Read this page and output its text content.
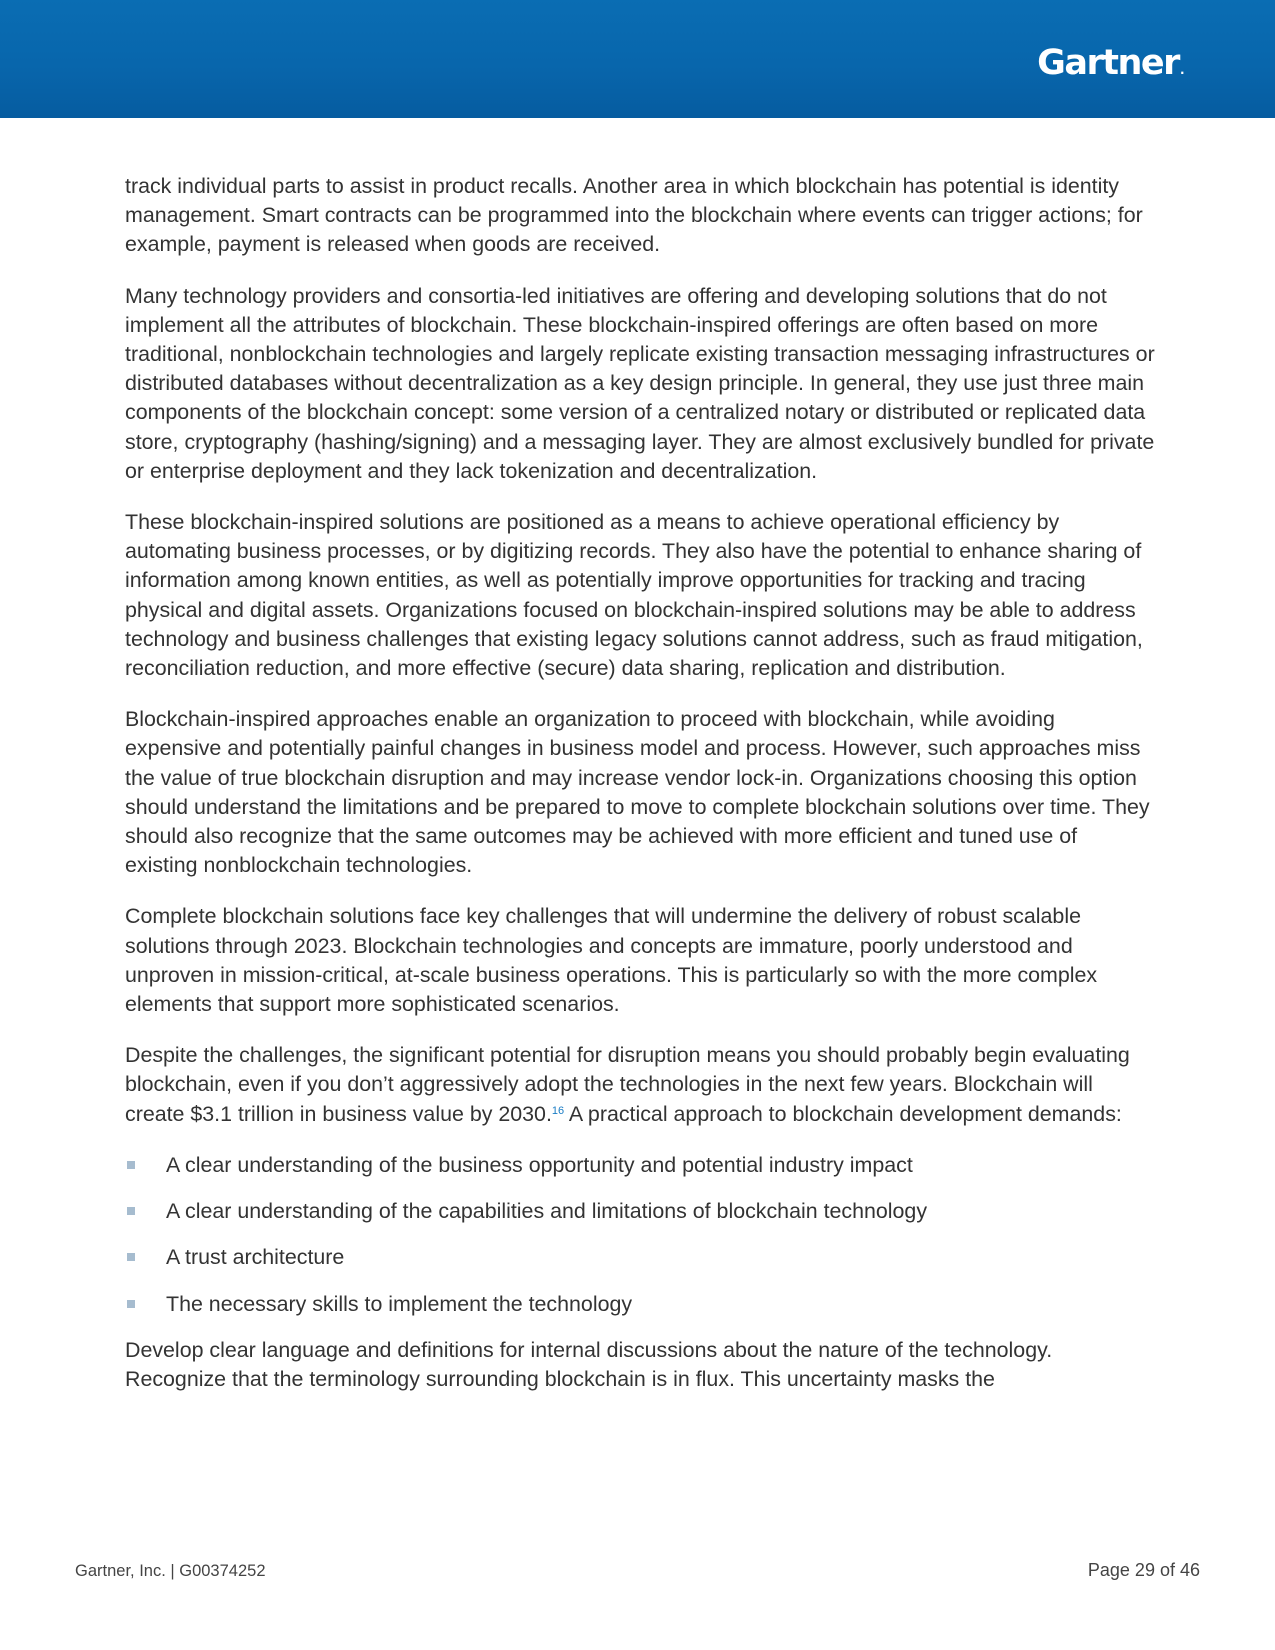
Gartner.

track individual parts to assist in product recalls. Another area in which blockchain has potential is identity management. Smart contracts can be programmed into the blockchain where events can trigger actions; for example, payment is released when goods are received.

Many technology providers and consortia-led initiatives are offering and developing solutions that do not implement all the attributes of blockchain. These blockchain-inspired offerings are often based on more traditional, nonblockchain technologies and largely replicate existing transaction messaging infrastructures or distributed databases without decentralization as a key design principle. In general, they use just three main components of the blockchain concept: some version of a centralized notary or distributed or replicated data store, cryptography (hashing/signing) and a messaging layer. They are almost exclusively bundled for private or enterprise deployment and they lack tokenization and decentralization.

These blockchain-inspired solutions are positioned as a means to achieve operational efficiency by automating business processes, or by digitizing records. They also have the potential to enhance sharing of information among known entities, as well as potentially improve opportunities for tracking and tracing physical and digital assets. Organizations focused on blockchain-inspired solutions may be able to address technology and business challenges that existing legacy solutions cannot address, such as fraud mitigation, reconciliation reduction, and more effective (secure) data sharing, replication and distribution.

Blockchain-inspired approaches enable an organization to proceed with blockchain, while avoiding expensive and potentially painful changes in business model and process. However, such approaches miss the value of true blockchain disruption and may increase vendor lock-in. Organizations choosing this option should understand the limitations and be prepared to move to complete blockchain solutions over time. They should also recognize that the same outcomes may be achieved with more efficient and tuned use of existing nonblockchain technologies.

Complete blockchain solutions face key challenges that will undermine the delivery of robust scalable solutions through 2023. Blockchain technologies and concepts are immature, poorly understood and unproven in mission-critical, at-scale business operations. This is particularly so with the more complex elements that support more sophisticated scenarios.

Despite the challenges, the significant potential for disruption means you should probably begin evaluating blockchain, even if you don’t aggressively adopt the technologies in the next few years. Blockchain will create $3.1 trillion in business value by 2030.16 A practical approach to blockchain development demands:

A clear understanding of the business opportunity and potential industry impact
A clear understanding of the capabilities and limitations of blockchain technology
A trust architecture
The necessary skills to implement the technology

Develop clear language and definitions for internal discussions about the nature of the technology. Recognize that the terminology surrounding blockchain is in flux. This uncertainty masks the

Gartner, Inc. | G00374252	Page 29 of 46
